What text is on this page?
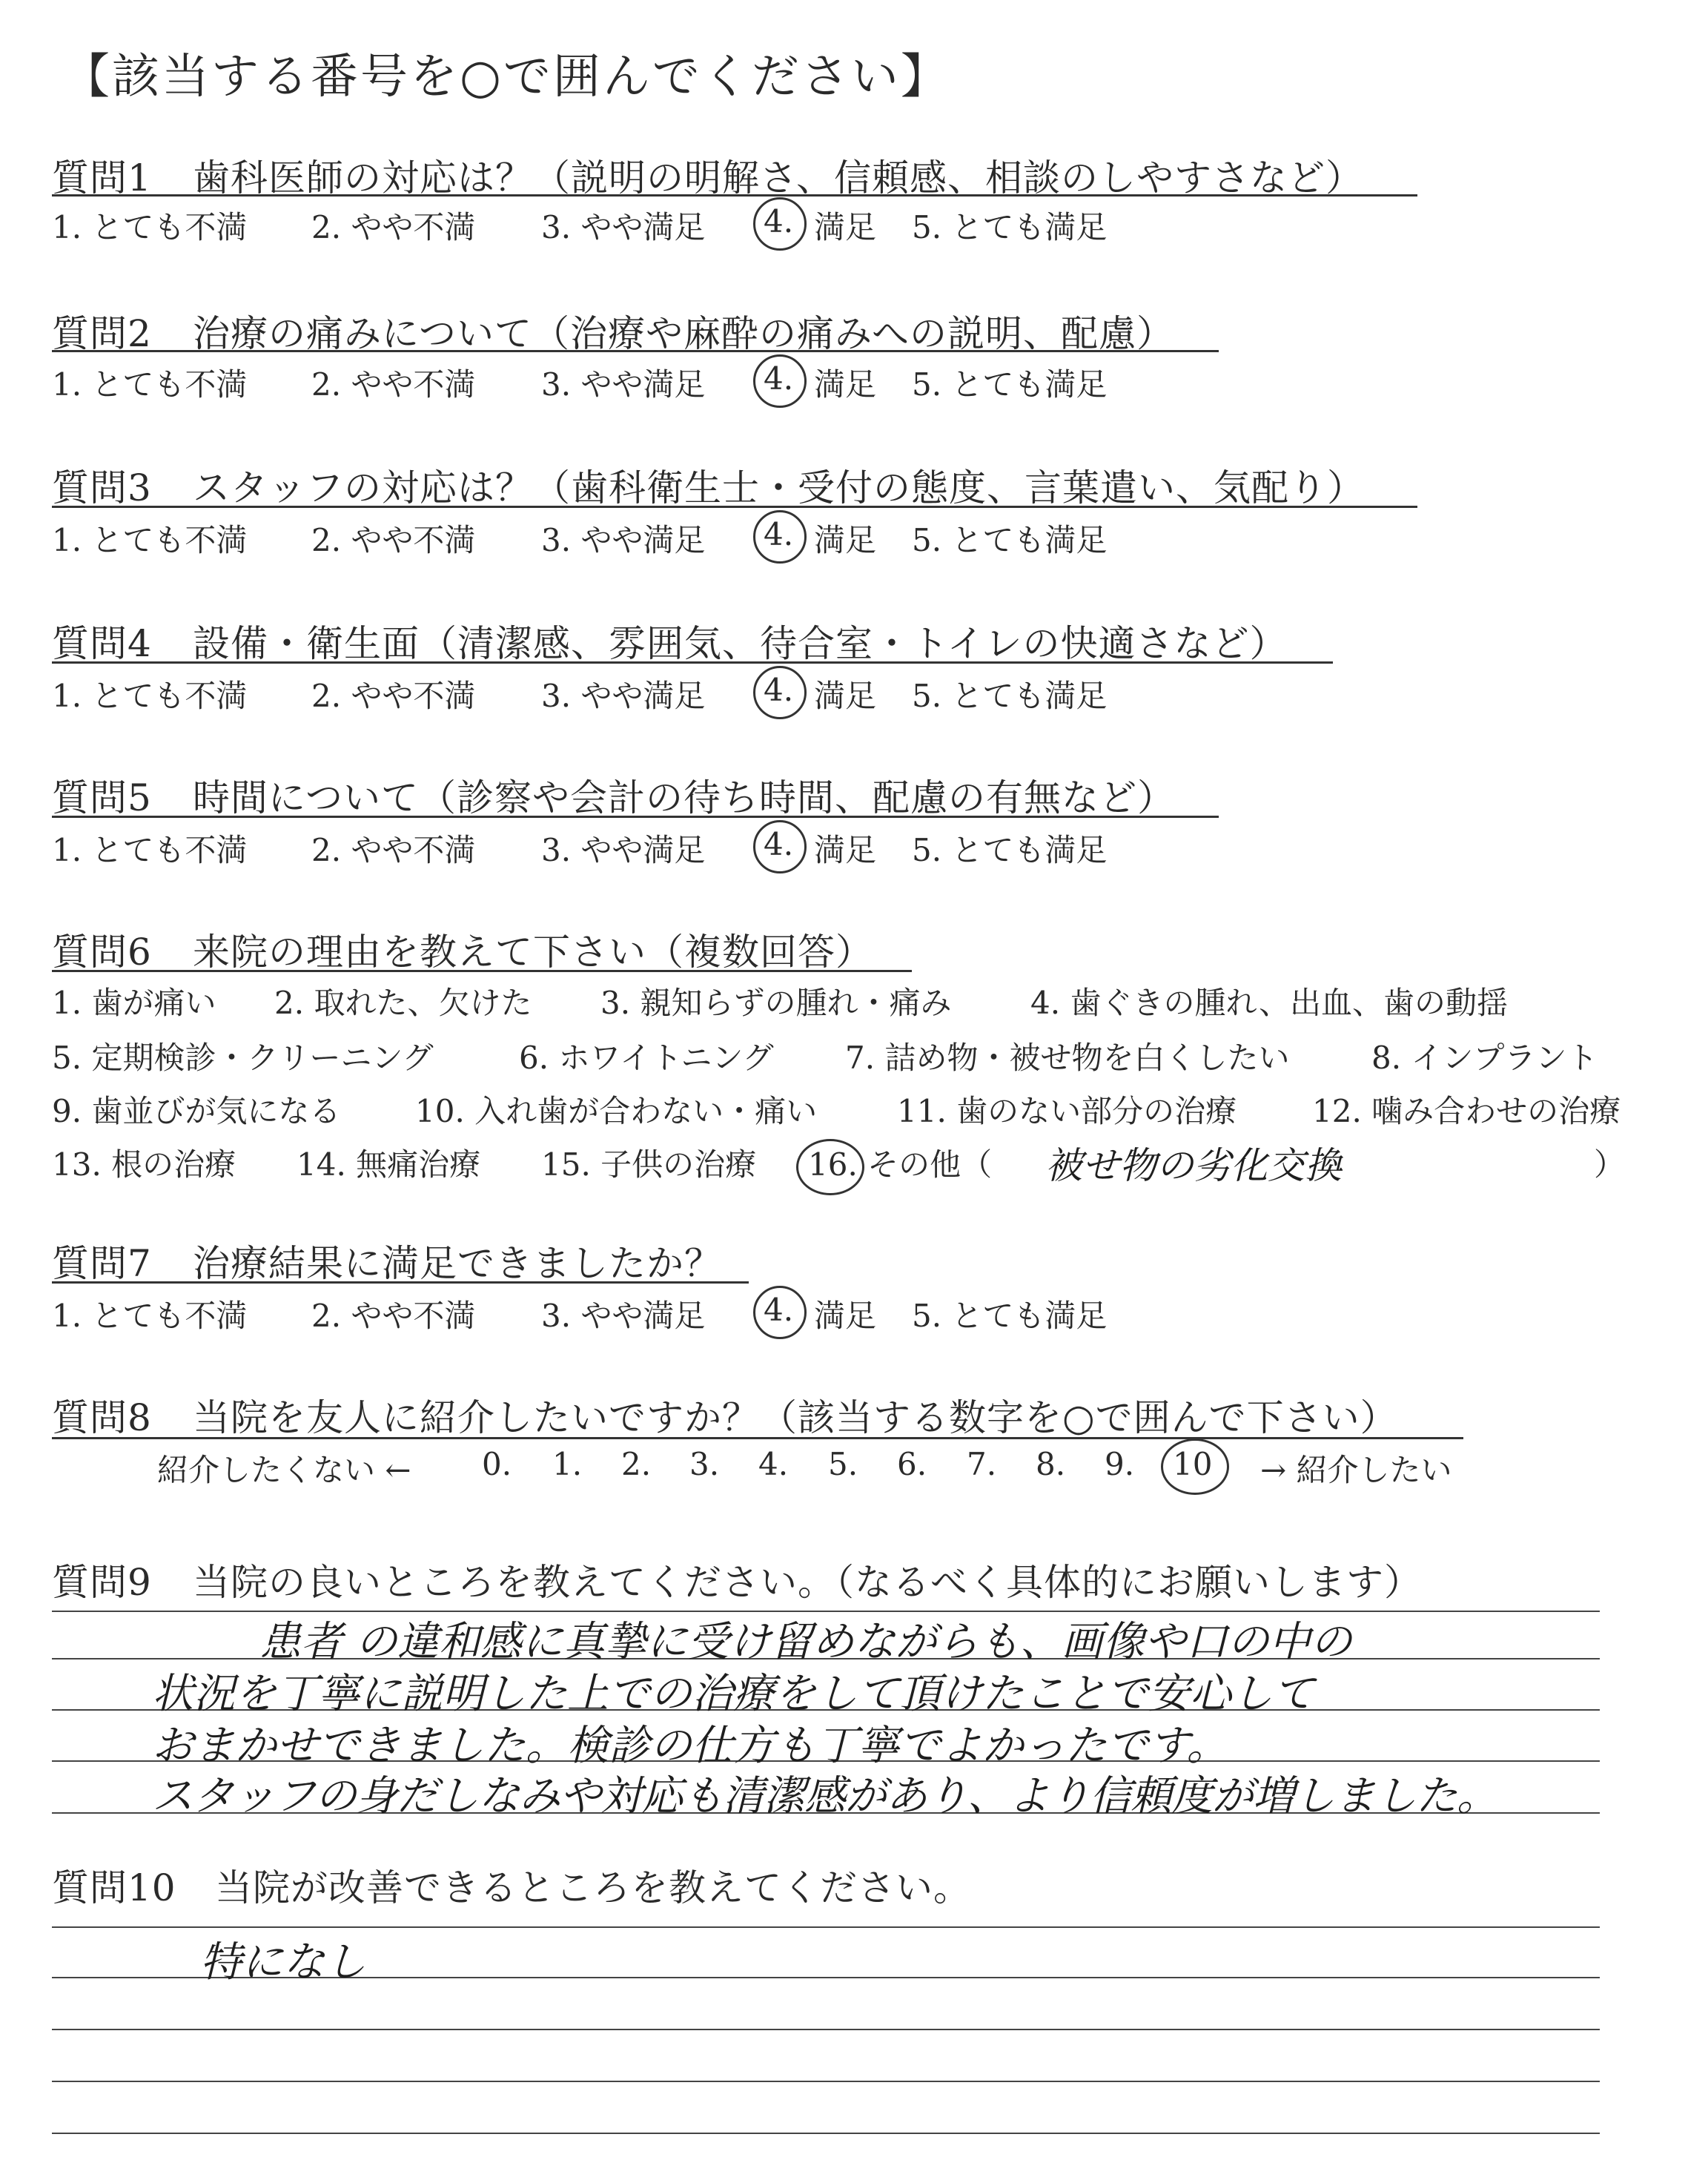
【該当する番号を○で囲んでください】
質問1 歯科医師の対応は？（説明の明解さ、信頼感、相談のしやすさなど）
1. とても不満 2. やや不満 3. やや満足 4. 満足 5. とても満足
質問2 治療の痛みについて（治療や麻酔の痛みへの説明、配慮）
1. とても不満 2. やや不満 3. やや満足 4. 満足 5. とても満足
質問3 スタッフの対応は？（歯科衛生士・受付の態度、言葉遣い、気配り）
1. とても不満 2. やや不満 3. やや満足 4. 満足 5. とても満足
質問4 設備・衛生面（清潔感、雰囲気、待合室・トイレの快適さなど）
1. とても不満 2. やや不満 3. やや満足 4. 満足 5. とても満足
質問5 時間について（診察や会計の待ち時間、配慮の有無など）
1. とても不満 2. やや不満 3. やや満足 4. 満足 5. とても満足
質問6 来院の理由を教えて下さい（複数回答）
1. 歯が痛い 2. 取れた、欠けた 3. 親知らずの腫れ・痛み	4. 歯ぐきの腫れ、出血、歯の動揺
5. 定期検診・クリーニング	6. ホワイトニング 7. 詰め物・被せ物を白くしたい	8. インプラント
9. 歯並びが気になる 10. 入れ歯が合わない・痛い	11. 歯のない部分の治療 12. 噛み合わせの治療
13. 根の治療 14. 無痛治療 15. 子供の治療 16. その他（ 被せ物の劣化交換	）
質問7 治療結果に満足できましたか？
1. とても不満 2. やや不満 3. やや満足 4. 満足 5. とても満足
質問8 当院を友人に紹介したいですか？（該当する数字を○で囲んで下さい）
紹介したくない ← 0. 1. 2. 3. 4. 5. 6. 7. 8. 9. 10 → 紹介したい
質問9 当院の良いところを教えてください。（なるべく具体的にお願いします）
患者 の違和感に真摯に受け留めながらも、画像や口の中の
状況を丁寧に説明した上での治療をして頂けたことで安心して
おまかせできました。検診の仕方も丁寧でよかったです。
スタッフの身だしなみや対応も清潔感があり、より信頼度が増しました。
質問10 当院が改善できるところを教えてください。
特になし
